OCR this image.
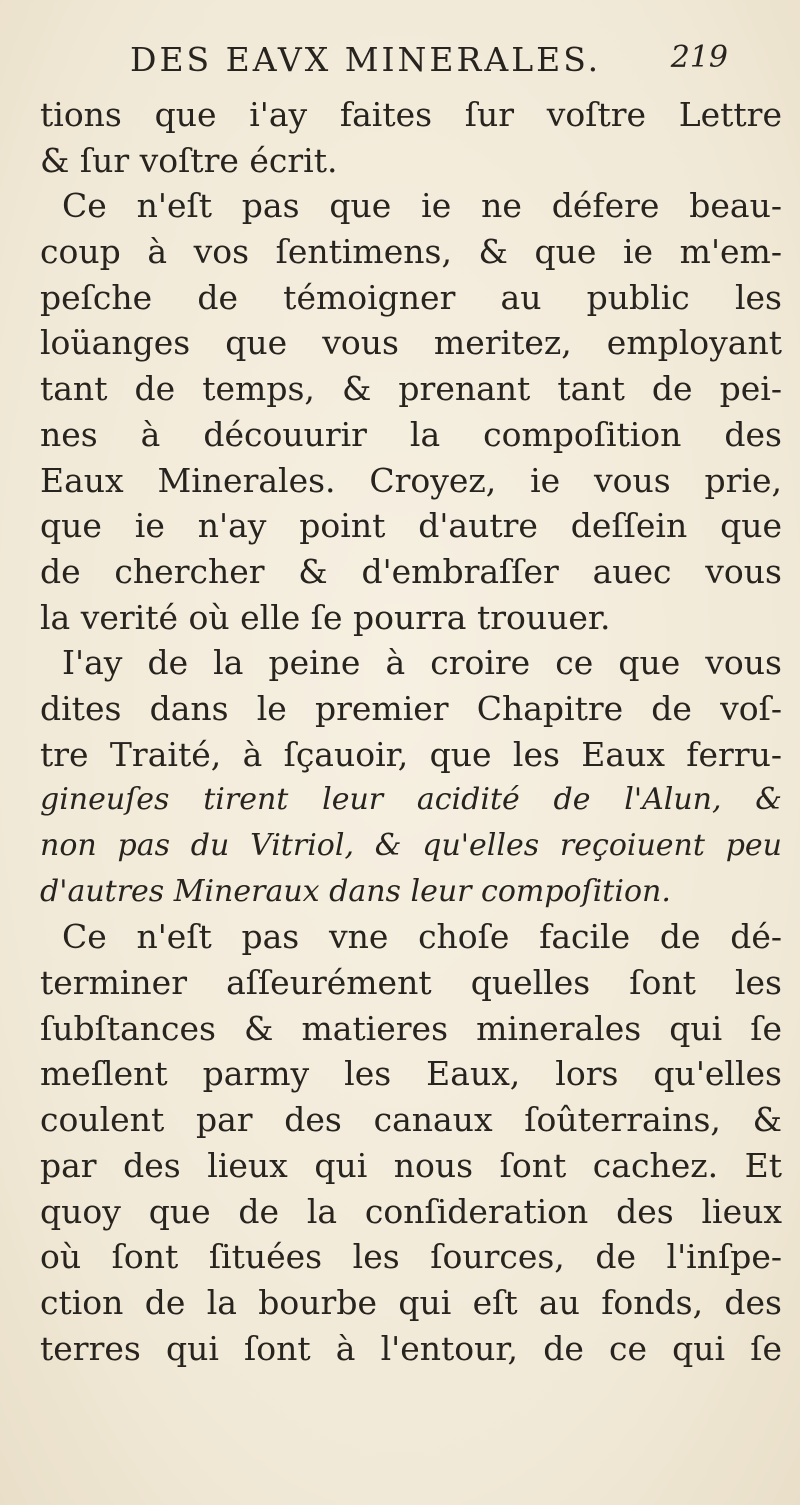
DES EAVX MINERALES. 219
tions que i'ay faites ſur voſtre Lettre
& ſur voſtre écrit.
Ce n'eſt pas que ie ne défere beau-
coup à vos ſentimens, & que ie m'em-
peſche de témoigner au public les
loüanges que vous meritez, employant
tant de temps, & prenant tant de pei-
nes à découurir la compoſition des
Eaux Minerales. Croyez, ie vous prie,
que ie n'ay point d'autre deſſein que
de chercher & d'embraſſer auec vous
la verité où elle ſe pourra trouuer.
I'ay de la peine à croire ce que vous
dites dans le premier Chapitre de voſ-
tre Traité, à ſçauoir, que les Eaux ferru-
gineuſes tirent leur acidité de l'Alun, &
non pas du Vitriol, & qu'elles reçoiuent peu
d'autres Mineraux dans leur compoſition.
Ce n'eſt pas vne choſe facile de dé-
terminer aſſeurément quelles ſont les
ſubſtances & matieres minerales qui ſe
meſlent parmy les Eaux, lors qu'elles
coulent par des canaux ſoûterrains, &
par des lieux qui nous ſont cachez. Et
quoy que de la conſideration des lieux
où ſont ſituées les ſources, de l'inſpe-
ction de la bourbe qui eſt au fonds, des
terres qui ſont à l'entour, de ce qui ſe
